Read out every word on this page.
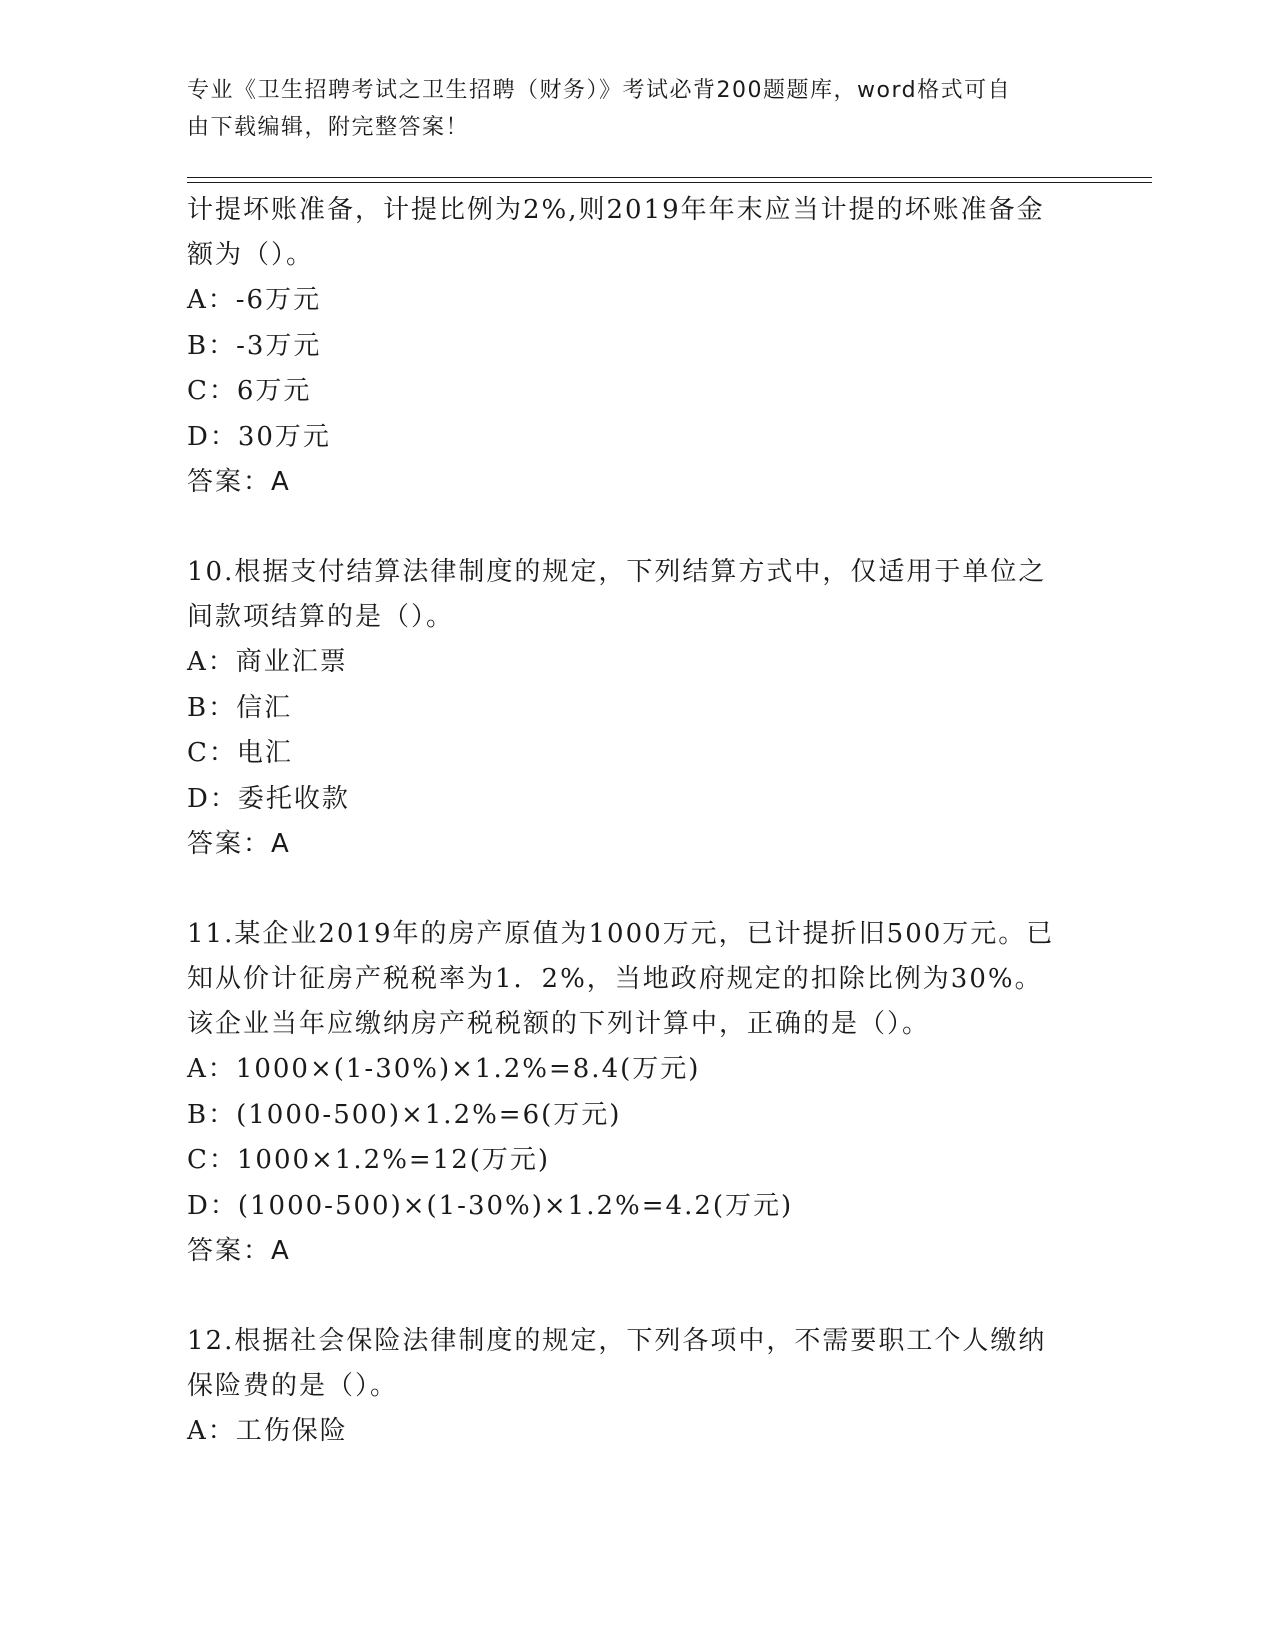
专业《卫生招聘考试之卫生招聘（财务）》考试必背200题题库，word格式可自
由下载编辑，附完整答案！

计提坏账准备，计提比例为2%,则2019年年末应当计提的坏账准备金

额为（）。

A：-6万元

B：-3万元

C：6万元

D：30万元

答案：A

10.根据支付结算法律制度的规定，下列结算方式中，仅适用于单位之

间款项结算的是（）。

A：商业汇票

B：信汇

C：电汇

D：委托收款

答案：A

11.某企业2019年的房产原值为1000万元，已计提折旧500万元。已

知从价计征房产税税率为1．2%，当地政府规定的扣除比例为30%。

该企业当年应缴纳房产税税额的下列计算中，正确的是（）。

A：1000×(1-30%)×1.2%=8.4(万元)

B：(1000-500)×1.2%=6(万元)

C：1000×1.2%=12(万元)

D：(1000-500)×(1-30%)×1.2%=4.2(万元)

答案：A

12.根据社会保险法律制度的规定，下列各项中，不需要职工个人缴纳

保险费的是（）。

A：工伤保险
